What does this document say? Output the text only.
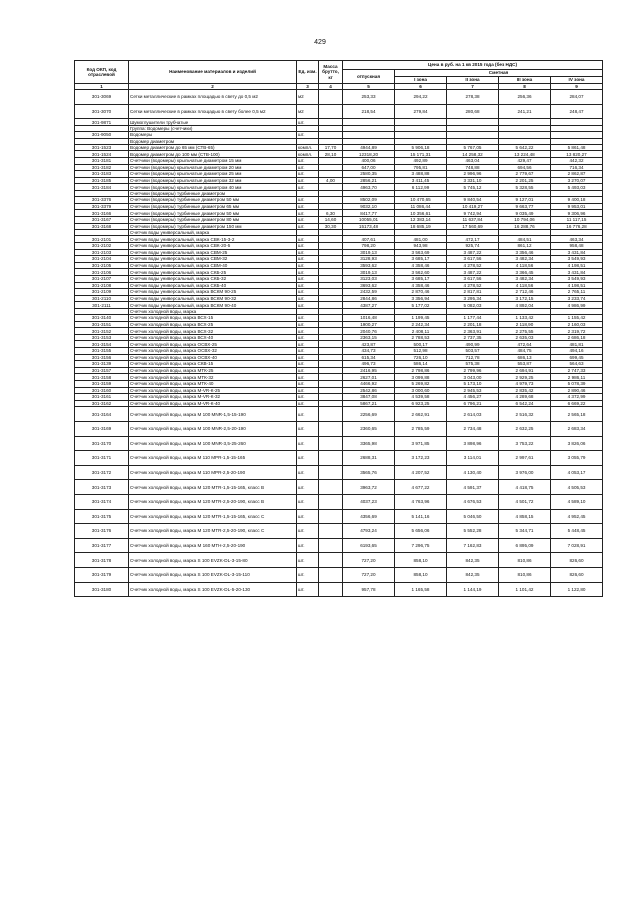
429
Код ОКП, код отраслевой	Наименование материалов и изделий	Ед. изм.	Масса брутто, кг	Цена в руб. на 1 кв 2015 года (без НДС)				
				отпускная	Сметная			
					I зона	II зона	III зона	IV зона
1	2	3	4	5	6	7	8	9
301-3069	Сетки металлические в рамках площадью в свету до 0,5 м2	м2		253,33	294,22	278,38	256,36	284,07
301-3070	Сетки металлические в рамках площадью в свету более 0,5 м2	м2		218,54	279,84	280,68	241,21	248,47
301-9871	Шумоглушители трубчатые	шт.						
	Группа: Водомеры (счетчики)							
301-9050	Водомеры	шт.						
	Водомер диаметром							
301-1523	Водомер диаметром до 65 мм (СТВ-65)	компл.	17,70	4944,89	5 906,18	5 767,05	5 642,22	5 861,48
301-1524	Водомер диаметром до 100 мм (СТВ-100)	компл.	28,10	12318,20	15 171,31	14 258,32	13 224,48	13 820,27
301-3181	Счетчики (водомеры) крыльчатые диаметром 15 мм	шт.		400,06	492,89	463,04	429,47	442,32
301-3182	Счетчики (водомеры) крыльчатые диаметром 20 мм	шт.		647,00	795,81	748,88	694,56	716,34
301-3183	Счетчики (водомеры) крыльчатые диаметром 25 мм	шт.		2580,35	3 488,88	2 996,96	2 779,67	2 862,87
301-3185	Счетчики (водомеры) крыльчатые диаметром 32 мм	шт.	4,00	2856,21	3 411,45	3 331,10	2 201,25	3 270,07
301-3184	Счетчики (водомеры) крыльчатые диаметром 40 мм	шт.		4963,70	6 112,99	5 745,12	5 328,55	5 493,03
	Счетчики (водомеры) турбинные диаметром							
301-3376	Счетчики (водомеры) турбинные диаметром 50 мм	шт.		8502,09	10 470,65	9 840,54	9 127,01	9 400,18
301-3379	Счетчики (водомеры) турбинные диаметром 65 мм	шт.		9032,10	11 086,44	10 419,27	9 663,77	9 953,01
301-3166	Счетчики (водомеры) турбинные диаметром 50 мм	шт.	6,30	8417,77	10 356,61	9 742,94	9 035,49	9 306,96
301-3167	Счетчики (водомеры) турбинные диаметром 80 мм	шт.	14,60	10055,01	12 383,14	11 637,84	10 794,06	11 117,15
301-3168	Счетчики (водомеры) турбинные диаметром 150 мм	шт.	30,30	15173,48	18 685,19	17 560,69	16 288,76	16 776,28
	Счетчик воды универсальный, марка							
301-2101	Счетчик воды универсальный, марка СВК-15-3-2	шт.		407,61	481,00	472,17	484,51	463,34
301-2102	Счетчик воды универсальный, марка СВК-20-5	шт.		798,20	943,98	925,74	861,12	958,48
301-2103	Счетчик воды универсальный, марка СВМ-25	шт.		3019,13	3 563,69	3 487,22	3 356,46	3 431,84
301-2104	Счетчик воды универсальный, марка СВМ-32	шт.		3128,93	3 685,17	3 617,56	3 482,34	3 549,93
301-2105	Счетчик воды универсальный, марка СВМ-40	шт.		3593,62	4 358,46	4 278,52	4 118,56	4 198,51
301-2106	Счетчик воды универсальный, марка СКБ-25	шт.		3019,13	3 562,60	3 487,22	3 366,45	3 431,84
301-2107	Счетчик воды универсальный, марка СКБ-32	шт.		3123,03	3 685,17	3 617,56	3 482,34	3 549,93
301-2108	Счетчик воды универсальный, марка СКБ-40	шт.		3693,62	4 358,46	4 278,52	4 118,56	4 198,51
301-2109	Счетчик воды универсальный, марка ВСКМ 90-25	шт.		2432,59	2 870,46	2 817,81	2 712,46	2 765,11
301-2110	Счетчик воды универсальный, марка ВСКМ 90-32	шт.		2844,86	3 356,94	3 295,34	3 172,15	3 233,74
301-2111	Счетчик воды универсальный, марка ВСКМ 90-40	шт.		4387,27	5 177,02	5 082,03	4 892,04	4 986,99
	Счетчик холодной воды, марка							
301-3140	Счетчик холодной воды, марка ВСХ-15	шт.		1016,48	1 199,45	1 177,44	1 133,42	1 155,42
301-3151	Счетчик холодной воды, марка ВСХ-25	шт.		1900,27	2 242,34	2 201,18	2 118,90	2 160,03
301-3152	Счетчик холодной воды, марка ВСХ-32	шт.		2040,76	2 408,11	2 363,91	2 275,55	2 319,72
301-3153	Счетчик холодной воды, марка ВСХ-40	шт.		2363,15	2 788,53	2 737,35	2 635,03	2 686,18
301-3154	Счетчик холодной воды, марка ОСВХ-25	шт.		423,87	500,17	490,99	472,64	481,81
301-3155	Счетчик холодной воды, марка ОСВХ-32	шт.		434,73	512,98	503,57	484,75	494,16
301-3156	Счетчик холодной воды, марка ОСВХ-40	шт.		615,34	726,10	712,78	686,13	699,45
301-3139	Счетчик холодной воды, марка СКВ-15	шт.		496,73	586,14	575,38	553,87	564,63
301-3157	Счетчик холодной воды, марка МТК-25	шт.		2416,95	2 798,86	2 799,96	2 694,91	2 747,33
301-3158	Счетчик холодной воды, марка МТК-32	шт.		2627,01	3 099,88	3 043,00	2 929,25	2 986,11
301-3159	Счетчик холодной воды, марка МТК-40	шт.		4466,92	5 269,82	5 173,10	4 979,73	5 078,39
301-3160	Счетчик холодной воды, марка М-VR-К-25	шт.		2542,86	3 000,60	2 945,53	2 835,42	2 890,46
301-3161	Счетчик холодной воды, марка М-VR-К-32	шт.		3847,08	4 539,58	4 456,27	4 289,68	4 372,99
301-3162	Счетчик холодной воды, марка М-VR-К-40	шт.		5867,21	6 923,25	6 796,21	6 542,24	6 669,22
301-3164	Счетчик холодной воды, марка М 100 MNR-1,5-15-190	шт.		2256,69	2 662,91	2 614,03	2 516,32	2 565,18
301-3169	Счетчик холодной воды, марка М 100 MNR-2,5-20-190	шт.		2360,65	2 785,59	2 734,48	2 632,25	2 683,34
301-3170	Счетчик холодной воды, марка М 100 MNR-3,5-25-260	шт.		3365,98	3 971,85	3 898,96	3 753,22	3 826,06
301-3171	Счетчик холодной воды, марка М 110 MPR-1,5-15-165	шт.		2688,31	3 172,23	3 114,01	2 997,61	3 055,79
301-3172	Счетчик холодной воды, марка М 110 MPR-2,5-20-190	шт.		3565,76	4 207,52	4 130,40	3 976,00	4 053,17
301-3173	Счетчик холодной воды, марка М 120 MTR-1,5-15-165, класс В	шт.		3963,72	4 677,22	4 591,37	4 418,75	4 505,53
301-3174	Счетчик холодной воды, марка М 120 MTR-2,5-20-190, класс В	шт.		4037,23	4 763,96	4 676,53	4 501,72	4 589,10
301-3175	Счетчик холодной воды, марка М 120 MTR-1,5-15-165, класс С	шт.		4356,69	5 141,16	5 046,50	4 858,15	4 952,45
301-3176	Счетчик холодной воды, марка М 120 MTR-2,5-20-190, класс С	шт.		4793,24	5 656,06	5 552,28	5 344,71	5 448,45
301-3177	Счетчик холодной воды, марка М 160 MTH-2,5-20-190	шт.		6193,65	7 296,75	7 162,83	6 895,09	7 028,91
301-3178	Счетчик холодной воды, марка S 100 EVZK-DL-3-15-80	шт.		727,20	858,10	842,35	810,86	826,60
301-3179	Счетчик холодной воды, марка S 100 EVZK-DL-3-15-110	шт.		727,20	858,10	842,35	810,86	826,60
301-3180	Счетчик холодной воды, марка S 100 EVZK-DL-5-20-130	шт.		957,78	1 165,58	1 144,19	1 101,42	1 122,80
